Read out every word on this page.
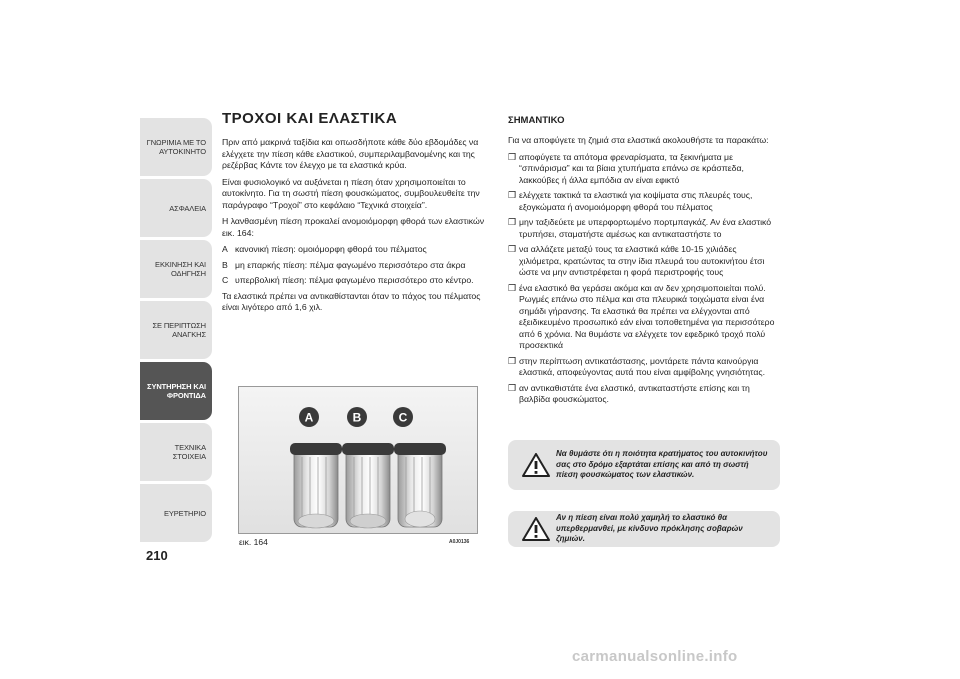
ΓΝΩΡΙΜΙΑ ΜΕ ΤΟ ΑΥΤΟΚΙΝΗΤΟ
ΑΣΦΑΛΕΙΑ
ΕΚΚΙΝΗΣΗ ΚΑΙ ΟΔΗΓΗΣΗ
ΣΕ ΠΕΡΙΠΤΩΣΗ ΑΝΑΓΚΗΣ
ΣΥΝΤΗΡΗΣΗ ΚΑΙ ΦΡΟΝΤΙΔΑ
ΤΕΧΝΙΚΑ ΣΤΟΙΧΕΙΑ
ΕΥΡΕΤΗΡΙΟ
210
ΤΡΟΧΟΙ ΚΑΙ ΕΛΑΣΤΙΚΑ

Πριν από μακρινά ταξίδια και οπωσδήποτε κάθε δύο εβδομάδες να ελέγχετε την πίεση κάθε ελαστικού, συμπεριλαμβανομένης και της ρεζέρβας Κάντε τον έλεγχο με τα ελαστικά κρύα.

Είναι φυσιολογικό να αυξάνεται η πίεση όταν χρησιμοποιείται το αυτοκίνητο. Για τη σωστή πίεση φουσκώματος, συμβουλευθείτε την παράγραφο “Τροχοί” στο κεφάλαιο “Τεχνικά στοιχεία”.

Η λανθασμένη πίεση προκαλεί ανομοιόμορφη φθορά των ελαστικών εικ. 164:

A κανονική πίεση: ομοιόμορφη φθορά του πέλματος
B μη επαρκής πίεση: πέλμα φαγωμένο περισσότερο στα άκρα
C υπερβολική πίεση: πέλμα φαγωμένο περισσότερο στο κέντρο.

Τα ελαστικά πρέπει να αντικαθίστανται όταν το πάχος του πέλματος είναι λιγότερο από 1,6 χιλ.

A	B	C
εικ. 164	A0J0136
ΣΗΜΑΝΤΙΚΟ

Για να αποφύγετε τη ζημιά στα ελαστικά ακολουθήστε τα παρακάτω:

❒ αποφύγετε τα απότομα φρεναρίσματα, τα ξεκινήματα με “σπινάρισμα” και τα βίαια χτυπήματα επάνω σε κράσπεδα, λακκούβες ή άλλα εμπόδια αν είναι εφικτό
❒ ελέγχετε τακτικά τα ελαστικά για κοψίματα στις πλευρές τους, εξογκώματα ή ανομοιόμορφη φθορά του πέλματος
❒ μην ταξιδεύετε με υπερφορτωμένο πορτμπαγκάζ. Αν ένα ελαστικό τρυπήσει, σταματήστε αμέσως και αντικαταστήστε το
❒ να αλλάζετε μεταξύ τους τα ελαστικά κάθε 10-15 χιλιάδες χιλιόμετρα, κρατώντας τα στην ίδια πλευρά του αυτοκινήτου έτσι ώστε να μην αντιστρέφεται η φορά περιστροφής τους
❒ ένα ελαστικό θα γεράσει ακόμα και αν δεν χρησιμοποιείται πολύ. Ρωγμές επάνω στο πέλμα και στα πλευρικά τοιχώματα είναι ένα σημάδι γήρανσης. Τα ελαστικά θα πρέπει να ελέγχονται από εξειδικευμένο προσωπικό εάν είναι τοποθετημένα για περισσότερο από 6 χρόνια. Να θυμάστε να ελέγχετε τον εφεδρικό τροχό πολύ προσεκτικά
❒ στην περίπτωση αντικατάστασης, μοντάρετε πάντα καινούργια ελαστικά, αποφεύγοντας αυτά που είναι αμφίβολης γνησιότητας.
❒ αν αντικαθιστάτε ένα ελαστικό, αντικαταστήστε επίσης και τη βαλβίδα φουσκώματος.
Να θυμάστε ότι η ποιότητα κρατήματος του αυτοκινήτου σας στο δρόμο εξαρτάται επίσης και από τη σωστή πίεση φουσκώματος των ελαστικών.
Αν η πίεση είναι πολύ χαμηλή το ελαστικό θα υπερθερμανθεί, με κίνδυνο πρόκλησης σοβαρών ζημιών.
carmanualsonline.info
